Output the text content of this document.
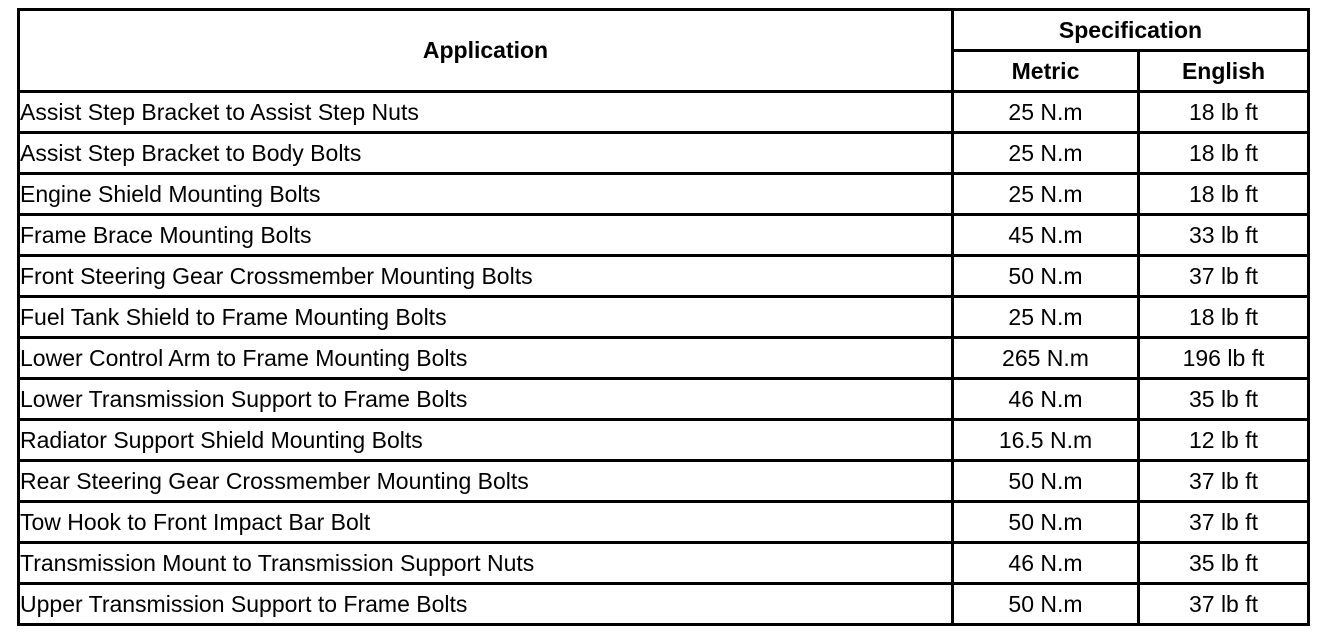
Application	Specification	
	Metric	English
Assist Step Bracket to Assist Step Nuts	25 N.m	18 lb ft
Assist Step Bracket to Body Bolts	25 N.m	18 lb ft
Engine Shield Mounting Bolts	25 N.m	18 lb ft
Frame Brace Mounting Bolts	45 N.m	33 lb ft
Front Steering Gear Crossmember Mounting Bolts	50 N.m	37 lb ft
Fuel Tank Shield to Frame Mounting Bolts	25 N.m	18 lb ft
Lower Control Arm to Frame Mounting Bolts	265 N.m	196 lb ft
Lower Transmission Support to Frame Bolts	46 N.m	35 lb ft
Radiator Support Shield Mounting Bolts	16.5 N.m	12 lb ft
Rear Steering Gear Crossmember Mounting Bolts	50 N.m	37 lb ft
Tow Hook to Front Impact Bar Bolt	50 N.m	37 lb ft
Transmission Mount to Transmission Support Nuts	46 N.m	35 lb ft
Upper Transmission Support to Frame Bolts	50 N.m	37 lb ft
